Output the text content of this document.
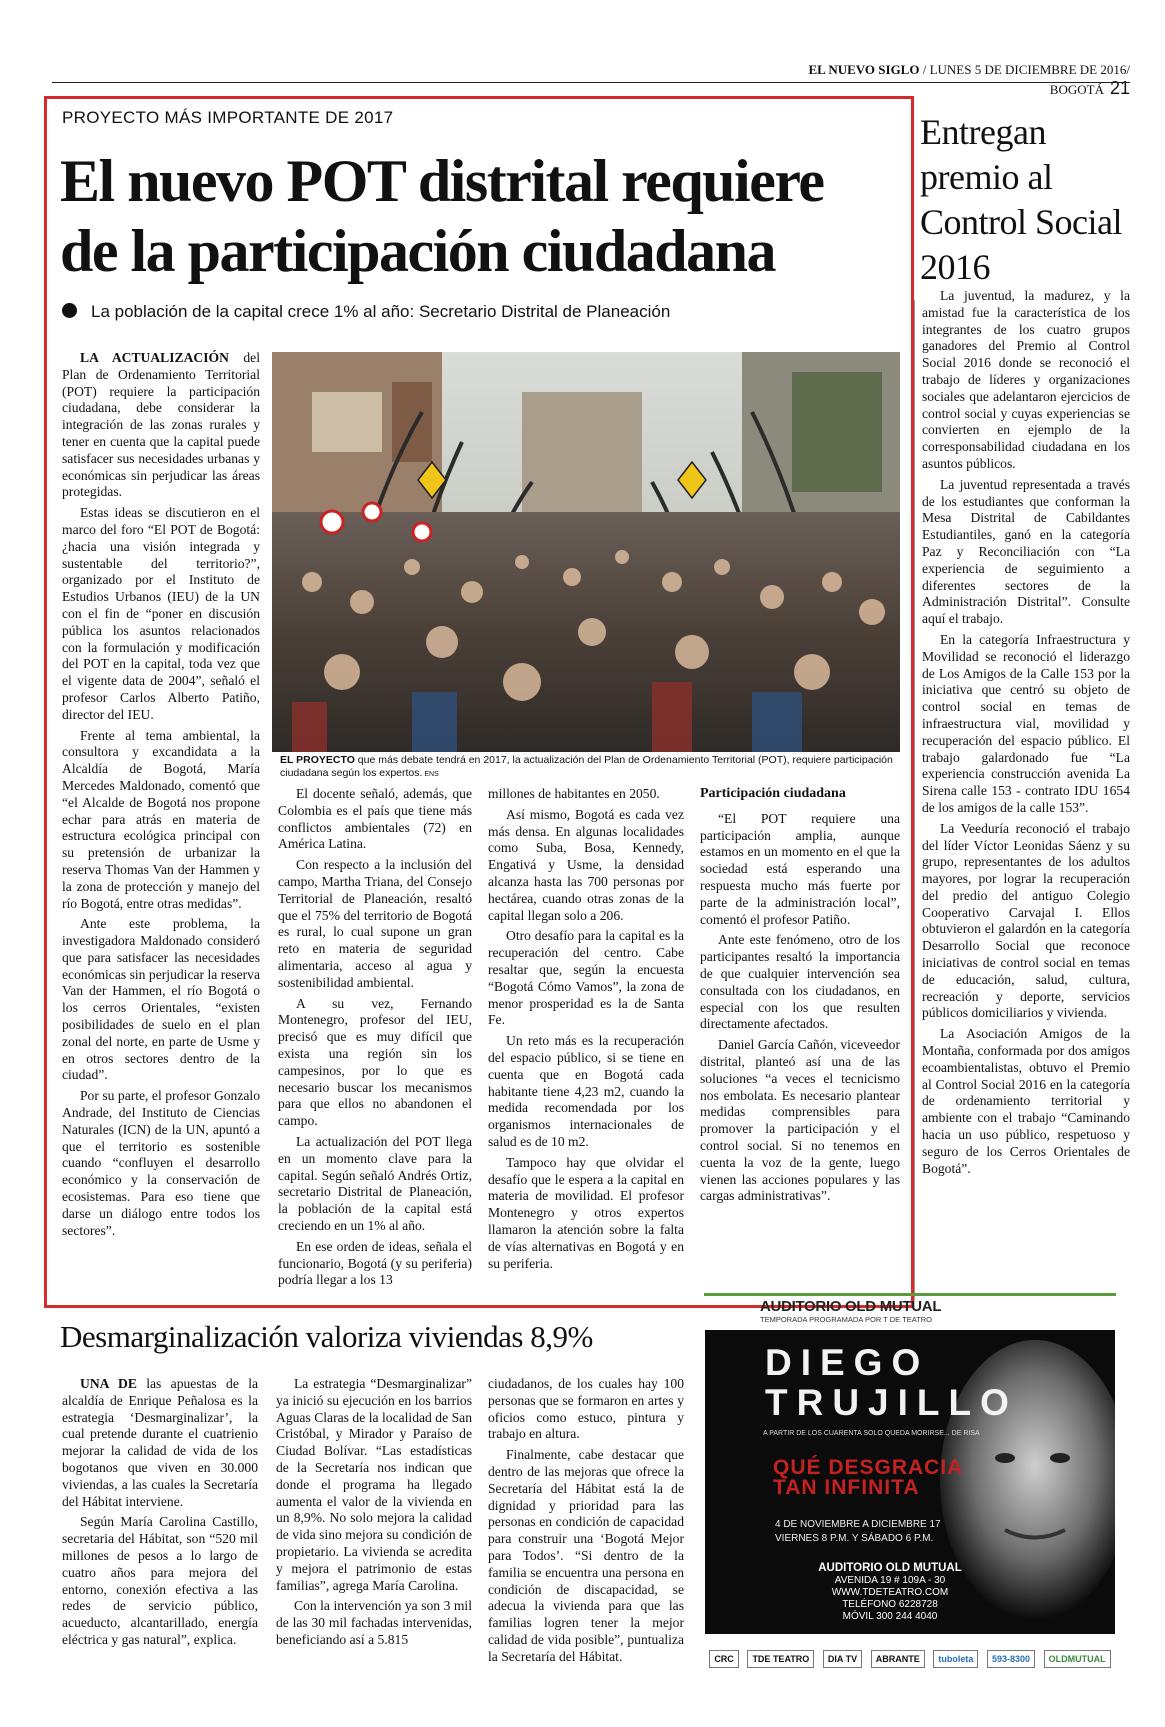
EL NUEVO SIGLO / LUNES 5 DE DICIEMBRE DE 2016/ BOGOTÁ 21
PROYECTO MÁS IMPORTANTE DE 2017
El nuevo POT distrital requiere de la participación ciudadana
La población de la capital crece 1% al año: Secretario Distrital de Planeación

LA ACTUALIZACIÓN del Plan de Ordenamiento Territorial (POT) requiere la participación ciudadana, debe considerar la integración de las zonas rurales y tener en cuenta que la capital puede satisfacer sus necesidades urbanas y económicas sin perjudicar las áreas protegidas.

Estas ideas se discutieron en el marco del foro “El POT de Bogotá: ¿hacia una visión integrada y sustentable del territorio?”, organizado por el Instituto de Estudios Urbanos (IEU) de la UN con el fin de “poner en discusión pública los asuntos relacionados con la formulación y modificación del POT en la capital, toda vez que el vigente data de 2004”, señaló el profesor Carlos Alberto Patiño, director del IEU.

Frente al tema ambiental, la consultora y excandidata a la Alcaldía de Bogotá, María Mercedes Maldonado, comentó que “el Alcalde de Bogotá nos propone echar para atrás en materia de estructura ecológica principal con su pretensión de urbanizar la reserva Thomas Van der Hammen y la zona de protección y manejo del río Bogotá, entre otras medidas”.

Ante este problema, la investigadora Maldonado consideró que para satisfacer las necesidades económicas sin perjudicar la reserva Van der Hammen, el río Bogotá o los cerros Orientales, “existen posibilidades de suelo en el plan zonal del norte, en parte de Usme y en otros sectores dentro de la ciudad”.

Por su parte, el profesor Gonzalo Andrade, del Instituto de Ciencias Naturales (ICN) de la UN, apuntó a que el territorio es sostenible cuando “confluyen el desarrollo económico y la conservación de ecosistemas. Para eso tiene que darse un diálogo entre todos los sectores”.

EL PROYECTO que más debate tendrá en 2017, la actualización del Plan de Ordenamiento Territorial (POT), requiere participación ciudadana según los expertos. ENS

El docente señaló, además, que Colombia es el país que tiene más conflictos ambientales (72) en América Latina.

Con respecto a la inclusión del campo, Martha Triana, del Consejo Territorial de Planeación, resaltó que el 75% del territorio de Bogotá es rural, lo cual supone un gran reto en materia de seguridad alimentaria, acceso al agua y sostenibilidad ambiental.

A su vez, Fernando Montenegro, profesor del IEU, precisó que es muy difícil que exista una región sin los campesinos, por lo que es necesario buscar los mecanismos para que ellos no abandonen el campo.

La actualización del POT llega en un momento clave para la capital. Según señaló Andrés Ortiz, secretario Distrital de Planeación, la población de la capital está creciendo en un 1% al año.

En ese orden de ideas, señala el funcionario, Bogotá (y su periferia) podría llegar a los 13

millones de habitantes en 2050.

Así mismo, Bogotá es cada vez más densa. En algunas localidades como Suba, Bosa, Kennedy, Engativá y Usme, la densidad alcanza hasta las 700 personas por hectárea, cuando otras zonas de la capital llegan solo a 206.

Otro desafío para la capital es la recuperación del centro. Cabe resaltar que, según la encuesta “Bogotá Cómo Vamos”, la zona de menor prosperidad es la de Santa Fe.

Un reto más es la recuperación del espacio público, si se tiene en cuenta que en Bogotá cada habitante tiene 4,23 m2, cuando la medida recomendada por los organismos internacionales de salud es de 10 m2.

Tampoco hay que olvidar el desafío que le espera a la capital en materia de movilidad. El profesor Montenegro y otros expertos llamaron la atención sobre la falta de vías alternativas en Bogotá y en su periferia.

Participación ciudadana

“El POT requiere una participación amplia, aunque estamos en un momento en el que la sociedad está esperando una respuesta mucho más fuerte por parte de la administración local”, comentó el profesor Patiño.

Ante este fenómeno, otro de los participantes resaltó la importancia de que cualquier intervención sea consultada con los ciudadanos, en especial con los que resulten directamente afectados.

Daniel García Cañón, viceveedor distrital, planteó así una de las soluciones “a veces el tecnicismo nos embolata. Es necesario plantear medidas comprensibles para promover la participación y el control social. Si no tenemos en cuenta la voz de la gente, luego vienen las acciones populares y las cargas administrativas”.

Entregan premio al Control Social 2016

La juventud, la madurez, y la amistad fue la característica de los integrantes de los cuatro grupos ganadores del Premio al Control Social 2016 donde se reconoció el trabajo de líderes y organizaciones sociales que adelantaron ejercicios de control social y cuyas experiencias se convierten en ejemplo de la corresponsabilidad ciudadana en los asuntos públicos.

La juventud representada a través de los estudiantes que conforman la Mesa Distrital de Cabildantes Estudiantiles, ganó en la categoría Paz y Reconciliación con “La experiencia de seguimiento a diferentes sectores de la Administración Distrital”. Consulte aquí el trabajo.

En la categoría Infraestructura y Movilidad se reconoció el liderazgo de Los Amigos de la Calle 153 por la iniciativa que centró su objeto de control social en temas de infraestructura vial, movilidad y recuperación del espacio público. El trabajo galardonado fue “La experiencia construcción avenida La Sirena calle 153 - contrato IDU 1654 de los amigos de la calle 153”.

La Veeduría reconoció el trabajo del líder Víctor Leonidas Sáenz y su grupo, representantes de los adultos mayores, por lograr la recuperación del predio del antiguo Colegio Cooperativo Carvajal I. Ellos obtuvieron el galardón en la categoría Desarrollo Social que reconoce iniciativas de control social en temas de educación, salud, cultura, recreación y deporte, servicios públicos domiciliarios y vivienda.

La Asociación Amigos de la Montaña, conformada por dos amigos ecoambientalistas, obtuvo el Premio al Control Social 2016 en la categoría de ordenamiento territorial y ambiente con el trabajo “Caminando hacia un uso público, respetuoso y seguro de los Cerros Orientales de Bogotá”.

Desmarginalización valoriza viviendas 8,9%

UNA DE las apuestas de la alcaldía de Enrique Peñalosa es la estrategia ‘Desmarginalizar’, la cual pretende durante el cuatrienio mejorar la calidad de vida de los bogotanos que viven en 30.000 viviendas, a las cuales la Secretaría del Hábitat interviene.

Según María Carolina Castillo, secretaria del Hábitat, son “520 mil millones de pesos a lo largo de cuatro años para mejora del entorno, conexión efectiva a las redes de servicio público, acueducto, alcantarillado, energía eléctrica y gas natural”, explica.

La estrategia “Desmarginalizar” ya inició su ejecución en los barrios Aguas Claras de la localidad de San Cristóbal, y Mirador y Paraíso de Ciudad Bolívar. “Las estadísticas de la Secretaría nos indican que donde el programa ha llegado aumenta el valor de la vivienda en un 8,9%. No solo mejora la calidad de vida sino mejora su condición de propietario. La vivienda se acredita y mejora el patrimonio de estas familias”, agrega María Carolina.

Con la intervención ya son 3 mil de las 30 mil fachadas intervenidas, beneficiando así a 5.815

ciudadanos, de los cuales hay 100 personas que se formaron en artes y oficios como estuco, pintura y trabajo en altura.

Finalmente, cabe destacar que dentro de las mejoras que ofrece la Secretaría del Hábitat está la de dignidad y prioridad para las personas en condición de capacidad para construir una ‘Bogotá Mejor para Todos’. “Si dentro de la familia se encuentra una persona en condición de discapacidad, se adecua la vivienda para que las familias logren tener la mejor calidad de vida posible”, puntualiza la Secretaría del Hábitat.

AUDITORIO OLD MUTUAL
TEMPORADA PROGRAMADA POR T DE TEATRO
DIEGO
TRUJILLO
A PARTIR DE LOS CUARENTA SOLO QUEDA MORIRSE... DE RISA
QUÉ DESGRACIA
TAN INFINITA
4 DE NOVIEMBRE A DICIEMBRE 17
VIERNES 8 P.M. Y SÁBADO 6 P.M.
AUDITORIO OLD MUTUAL
AVENIDA 19 # 109A - 30
WWW.TDETEATRO.COM
TELÉFONO 6228728
MÓVIL 300 244 4040
CRC	TDE TEATRO	DIA TV	ABRANTE	tuboleta	593-8300	OLDMUTUAL
